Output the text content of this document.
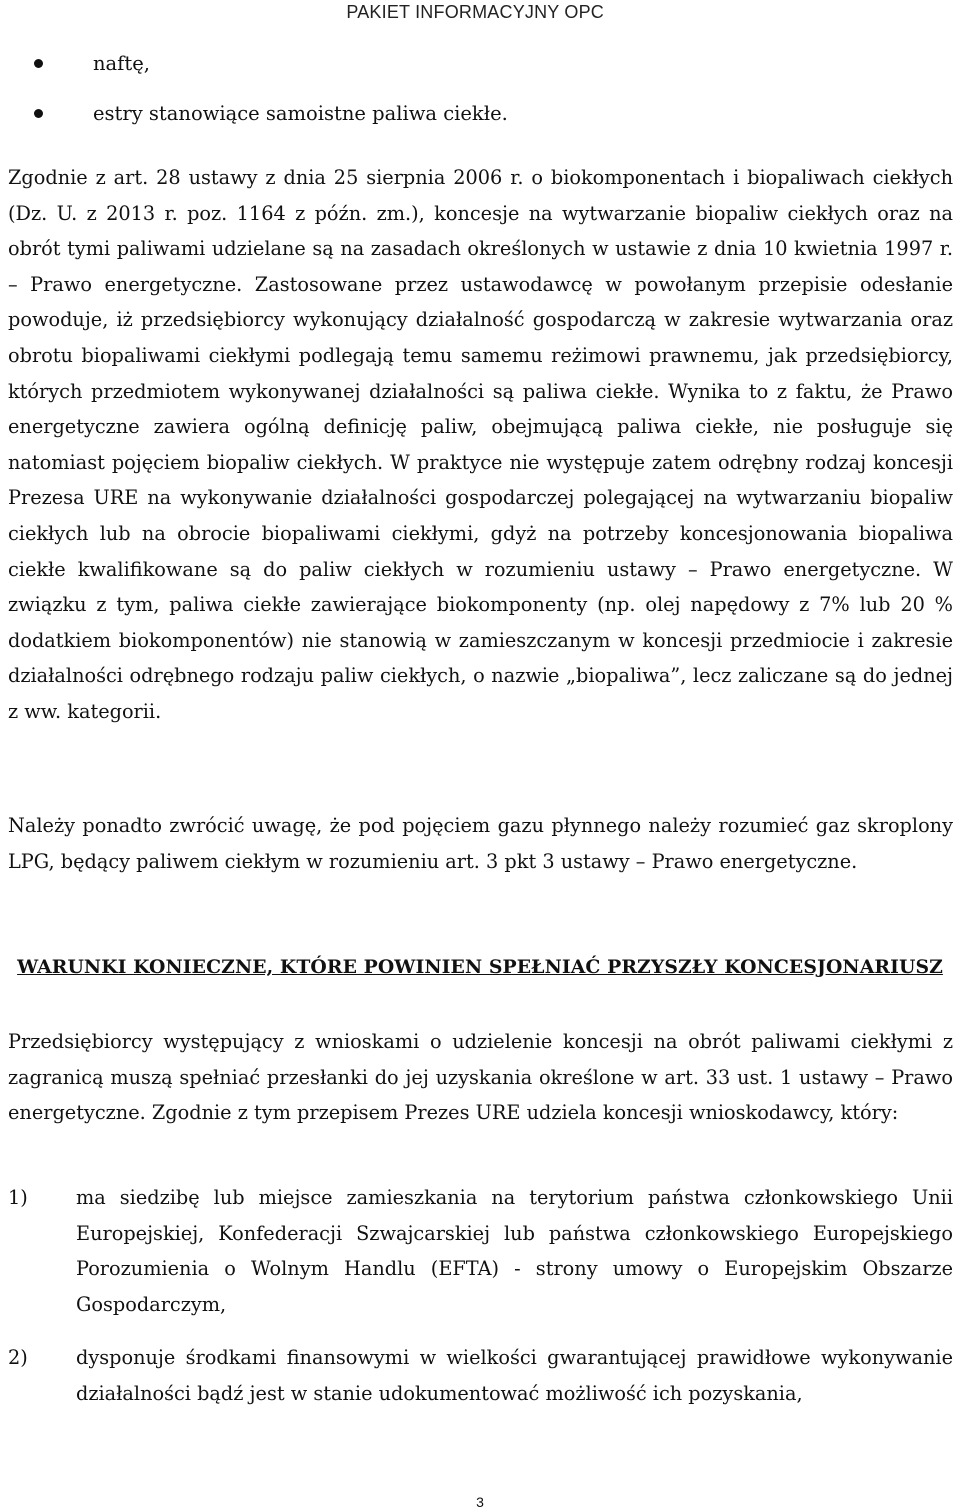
PAKIET INFORMACYJNY OPC
naftę,
estry stanowiące samoistne paliwa ciekłe.

Zgodnie z art. 28 ustawy z dnia 25 sierpnia 2006 r. o biokomponentach i biopaliwach ciekłych (Dz. U. z 2013 r. poz. 1164 z późn. zm.), koncesje na wytwarzanie biopaliw ciekłych oraz na obrót tymi paliwami udzielane są na zasadach określonych w ustawie z dnia 10 kwietnia 1997 r. – Prawo energetyczne. Zastosowane przez ustawodawcę w powołanym przepisie odesłanie powoduje, iż przedsiębiorcy wykonujący działalność gospodarczą w zakresie wytwarzania oraz obrotu biopaliwami ciekłymi podlegają temu samemu reżimowi prawnemu, jak przedsiębiorcy, których przedmiotem wykonywanej działalności są paliwa ciekłe. Wynika to z faktu, że Prawo energetyczne zawiera ogólną definicję paliw, obejmującą paliwa ciekłe, nie posługuje się natomiast pojęciem biopaliw ciekłych. W praktyce nie występuje zatem odrębny rodzaj koncesji Prezesa URE na wykonywanie działalności gospodarczej polegającej na wytwarzaniu biopaliw ciekłych lub na obrocie biopaliwami ciekłymi, gdyż na potrzeby koncesjonowania biopaliwa ciekłe kwalifikowane są do paliw ciekłych w rozumieniu ustawy – Prawo energetyczne. W związku z tym, paliwa ciekłe zawierające biokomponenty (np. olej napędowy z 7% lub 20 % dodatkiem biokomponentów) nie stanowią w zamieszczanym w koncesji przedmiocie i zakresie działalności odrębnego rodzaju paliw ciekłych, o nazwie „biopaliwa”, lecz zaliczane są do jednej z ww. kategorii.

Należy ponadto zwrócić uwagę, że pod pojęciem gazu płynnego należy rozumieć gaz skroplony LPG, będący paliwem ciekłym w rozumieniu art. 3 pkt 3 ustawy – Prawo energetyczne.

WARUNKI KONIECZNE, KTÓRE POWINIEN SPEŁNIAĆ PRZYSZŁY KONCESJONARIUSZ

Przedsiębiorcy występujący z wnioskami o udzielenie koncesji na obrót paliwami ciekłymi z zagranicą muszą spełniać przesłanki do jej uzyskania określone w art. 33 ust. 1 ustawy – Prawo energetyczne. Zgodnie z tym przepisem Prezes URE udziela koncesji wnioskodawcy, który:

1)	ma siedzibę lub miejsce zamieszkania na terytorium państwa członkowskiego Unii Europejskiej, Konfederacji Szwajcarskiej lub państwa członkowskiego Europejskiego Porozumienia o Wolnym Handlu (EFTA) - strony umowy o Europejskim Obszarze Gospodarczym,
2)	dysponuje środkami finansowymi w wielkości gwarantującej prawidłowe wykonywanie działalności bądź jest w stanie udokumentować możliwość ich pozyskania,
3
